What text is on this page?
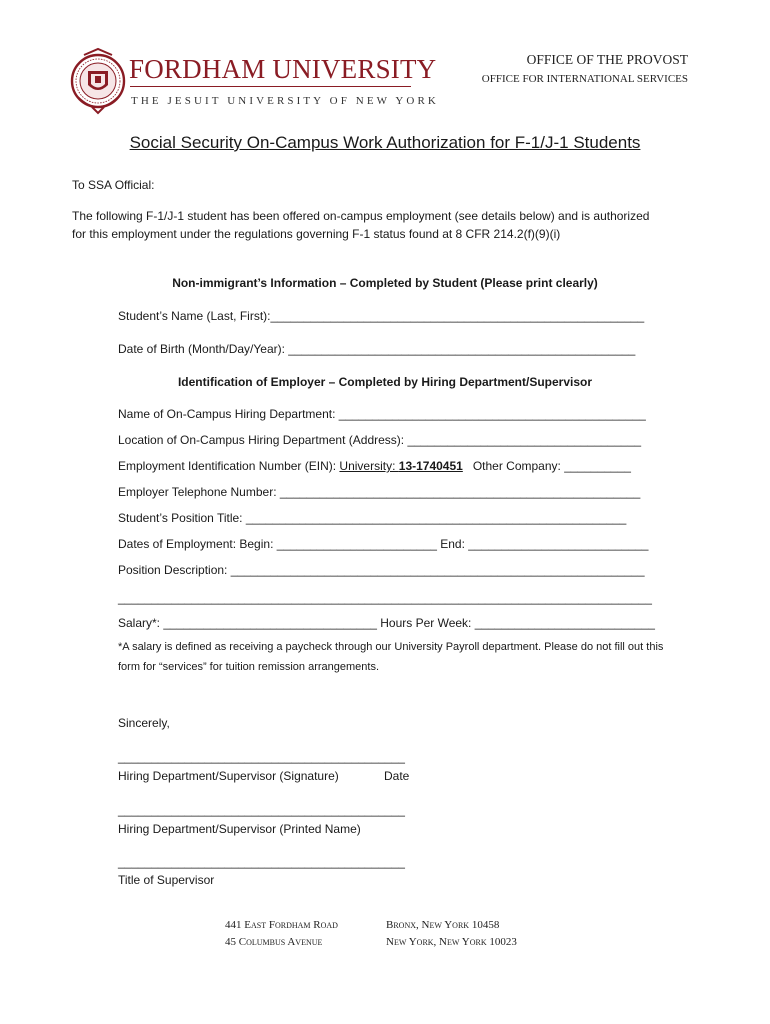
FORDHAM UNIVERSITY
THE JESUIT UNIVERSITY OF NEW YORK
OFFICE OF THE PROVOST
OFFICE FOR INTERNATIONAL SERVICES
Social Security On-Campus Work Authorization for F-1/J-1 Students
To SSA Official:
The following F-1/J-1 student has been offered on-campus employment (see details below) and is authorized
for this employment under the regulations governing F-1 status found at 8 CFR 214.2(f)(9)(i)
Non-immigrant’s Information – Completed by Student (Please print clearly)
Student’s Name (Last, First):________________________________________________________
Date of Birth (Month/Day/Year): ____________________________________________________
Identification of Employer – Completed by Hiring Department/Supervisor
Name of On-Campus Hiring Department: ______________________________________________
Location of On-Campus Hiring Department (Address): ___________________________________
Employment Identification Number (EIN): University: 13-1740451   Other Company: __________
Employer Telephone Number: ______________________________________________________
Student’s Position Title: _________________________________________________________
Dates of Employment: Begin: ________________________ End: ___________________________
Position Description: ______________________________________________________________
________________________________________________________________________________
Salary*: ________________________________ Hours Per Week: ___________________________
*A salary is defined as receiving a paycheck through our University Payroll department. Please do not fill out this
form for “services” for tuition remission arrangements.
Sincerely,
___________________________________________
Hiring Department/Supervisor (Signature)	Date
___________________________________________
Hiring Department/Supervisor (Printed Name)
___________________________________________
Title of Supervisor
441 East Fordham Road
45 Columbus Avenue
Bronx, New York 10458
New York, New York 10023
